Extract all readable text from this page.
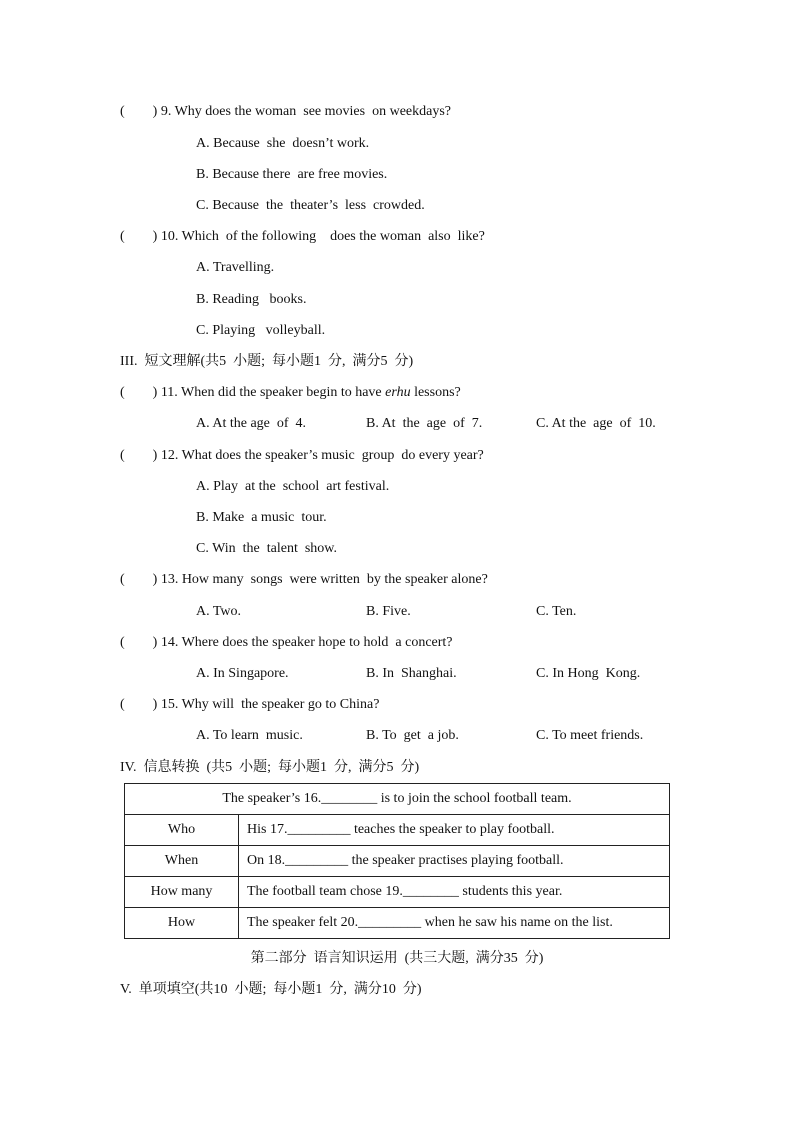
(        ) 9. Why does the woman  see movies  on weekdays?
A. Because  she  doesn’t work.
B. Because there  are free movies.
C. Because  the  theater’s  less  crowded.
(        ) 10. Which  of the following    does the woman  also  like?
A. Travelling.
B. Reading   books.
C. Playing   volleyball.
III.  短文理解(共5  小题;  每小题1  分,  满分5  分)
(        ) 11. When did the speaker begin to have erhu lessons?
A. At the age  of  4.	B. At  the  age  of  7.	C. At the  age  of  10.
(        ) 12. What does the speaker’s music  group  do every year?
A. Play  at the  school  art festival.
B. Make  a music  tour.
C. Win  the  talent  show.
(        ) 13. How many  songs  were written  by the speaker alone?
A. Two.	B. Five.	C. Ten.
(        ) 14. Where does the speaker hope to hold  a concert?
A. In Singapore.	B. In  Shanghai.	C. In Hong  Kong.
(        ) 15. Why will  the speaker go to China?
A. To learn  music.	B. To  get  a job.	C. To meet friends.
IV.  信息转换  (共5  小题;  每小题1  分,  满分5  分)
The speaker’s 16.________ is to join the school football team.	
Who	His 17._________ teaches the speaker to play football.
When	On 18._________ the speaker practises playing football.
How many	The football team chose 19.________ students this year.
How	The speaker felt 20._________ when he saw his name on the list.
第二部分  语言知识运用  (共三大题,  满分35  分)
V.  单项填空(共10  小题;  每小题1  分,  满分10  分)
